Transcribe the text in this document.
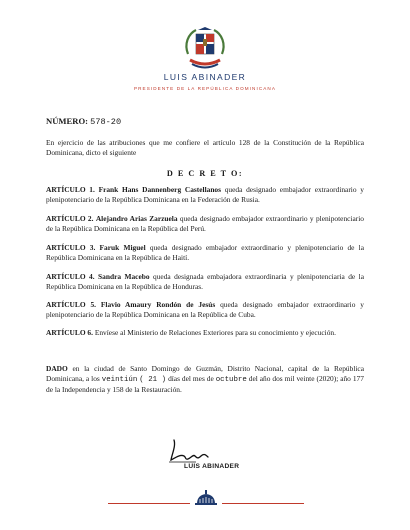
LUIS ABINADER
PRESIDENTE DE LA REPÚBLICA DOMINICANA
NÚMERO: 578-20
En ejercicio de las atribuciones que me confiere el artículo 128 de la Constitución de la República Dominicana, dicto el siguiente
D E C R E T O:
ARTÍCULO 1. Frank Hans Dannenberg Castellanos queda designado embajador extraordinario y plenipotenciario de la República Dominicana en la Federación de Rusia.
ARTÍCULO 2. Alejandro Arias Zarzuela queda designado embajador extraordinario y plenipotenciario de la República Dominicana en la República del Perú.
ARTÍCULO 3. Faruk Miguel queda designado embajador extraordinario y plenipotenciario de la República Dominicana en la República de Haití.
ARTÍCULO 4. Sandra Macebo queda designada embajadora extraordinaria y plenipotenciaria de la República Dominicana en la República de Honduras.
ARTÍCULO 5. Flavio Amaury Rondón de Jesús queda designado embajador extraordinario y plenipotenciario de la República Dominicana en la República de Cuba.
ARTÍCULO 6. Envíese al Ministerio de Relaciones Exteriores para su conocimiento y ejecución.
DADO en la ciudad de Santo Domingo de Guzmán, Distrito Nacional, capital de la República Dominicana, a los veintiún ( 21 ) días del mes de octubre del año dos mil veinte (2020); año 177 de la Independencia y 158 de la Restauración.
LUIS ABINADER
